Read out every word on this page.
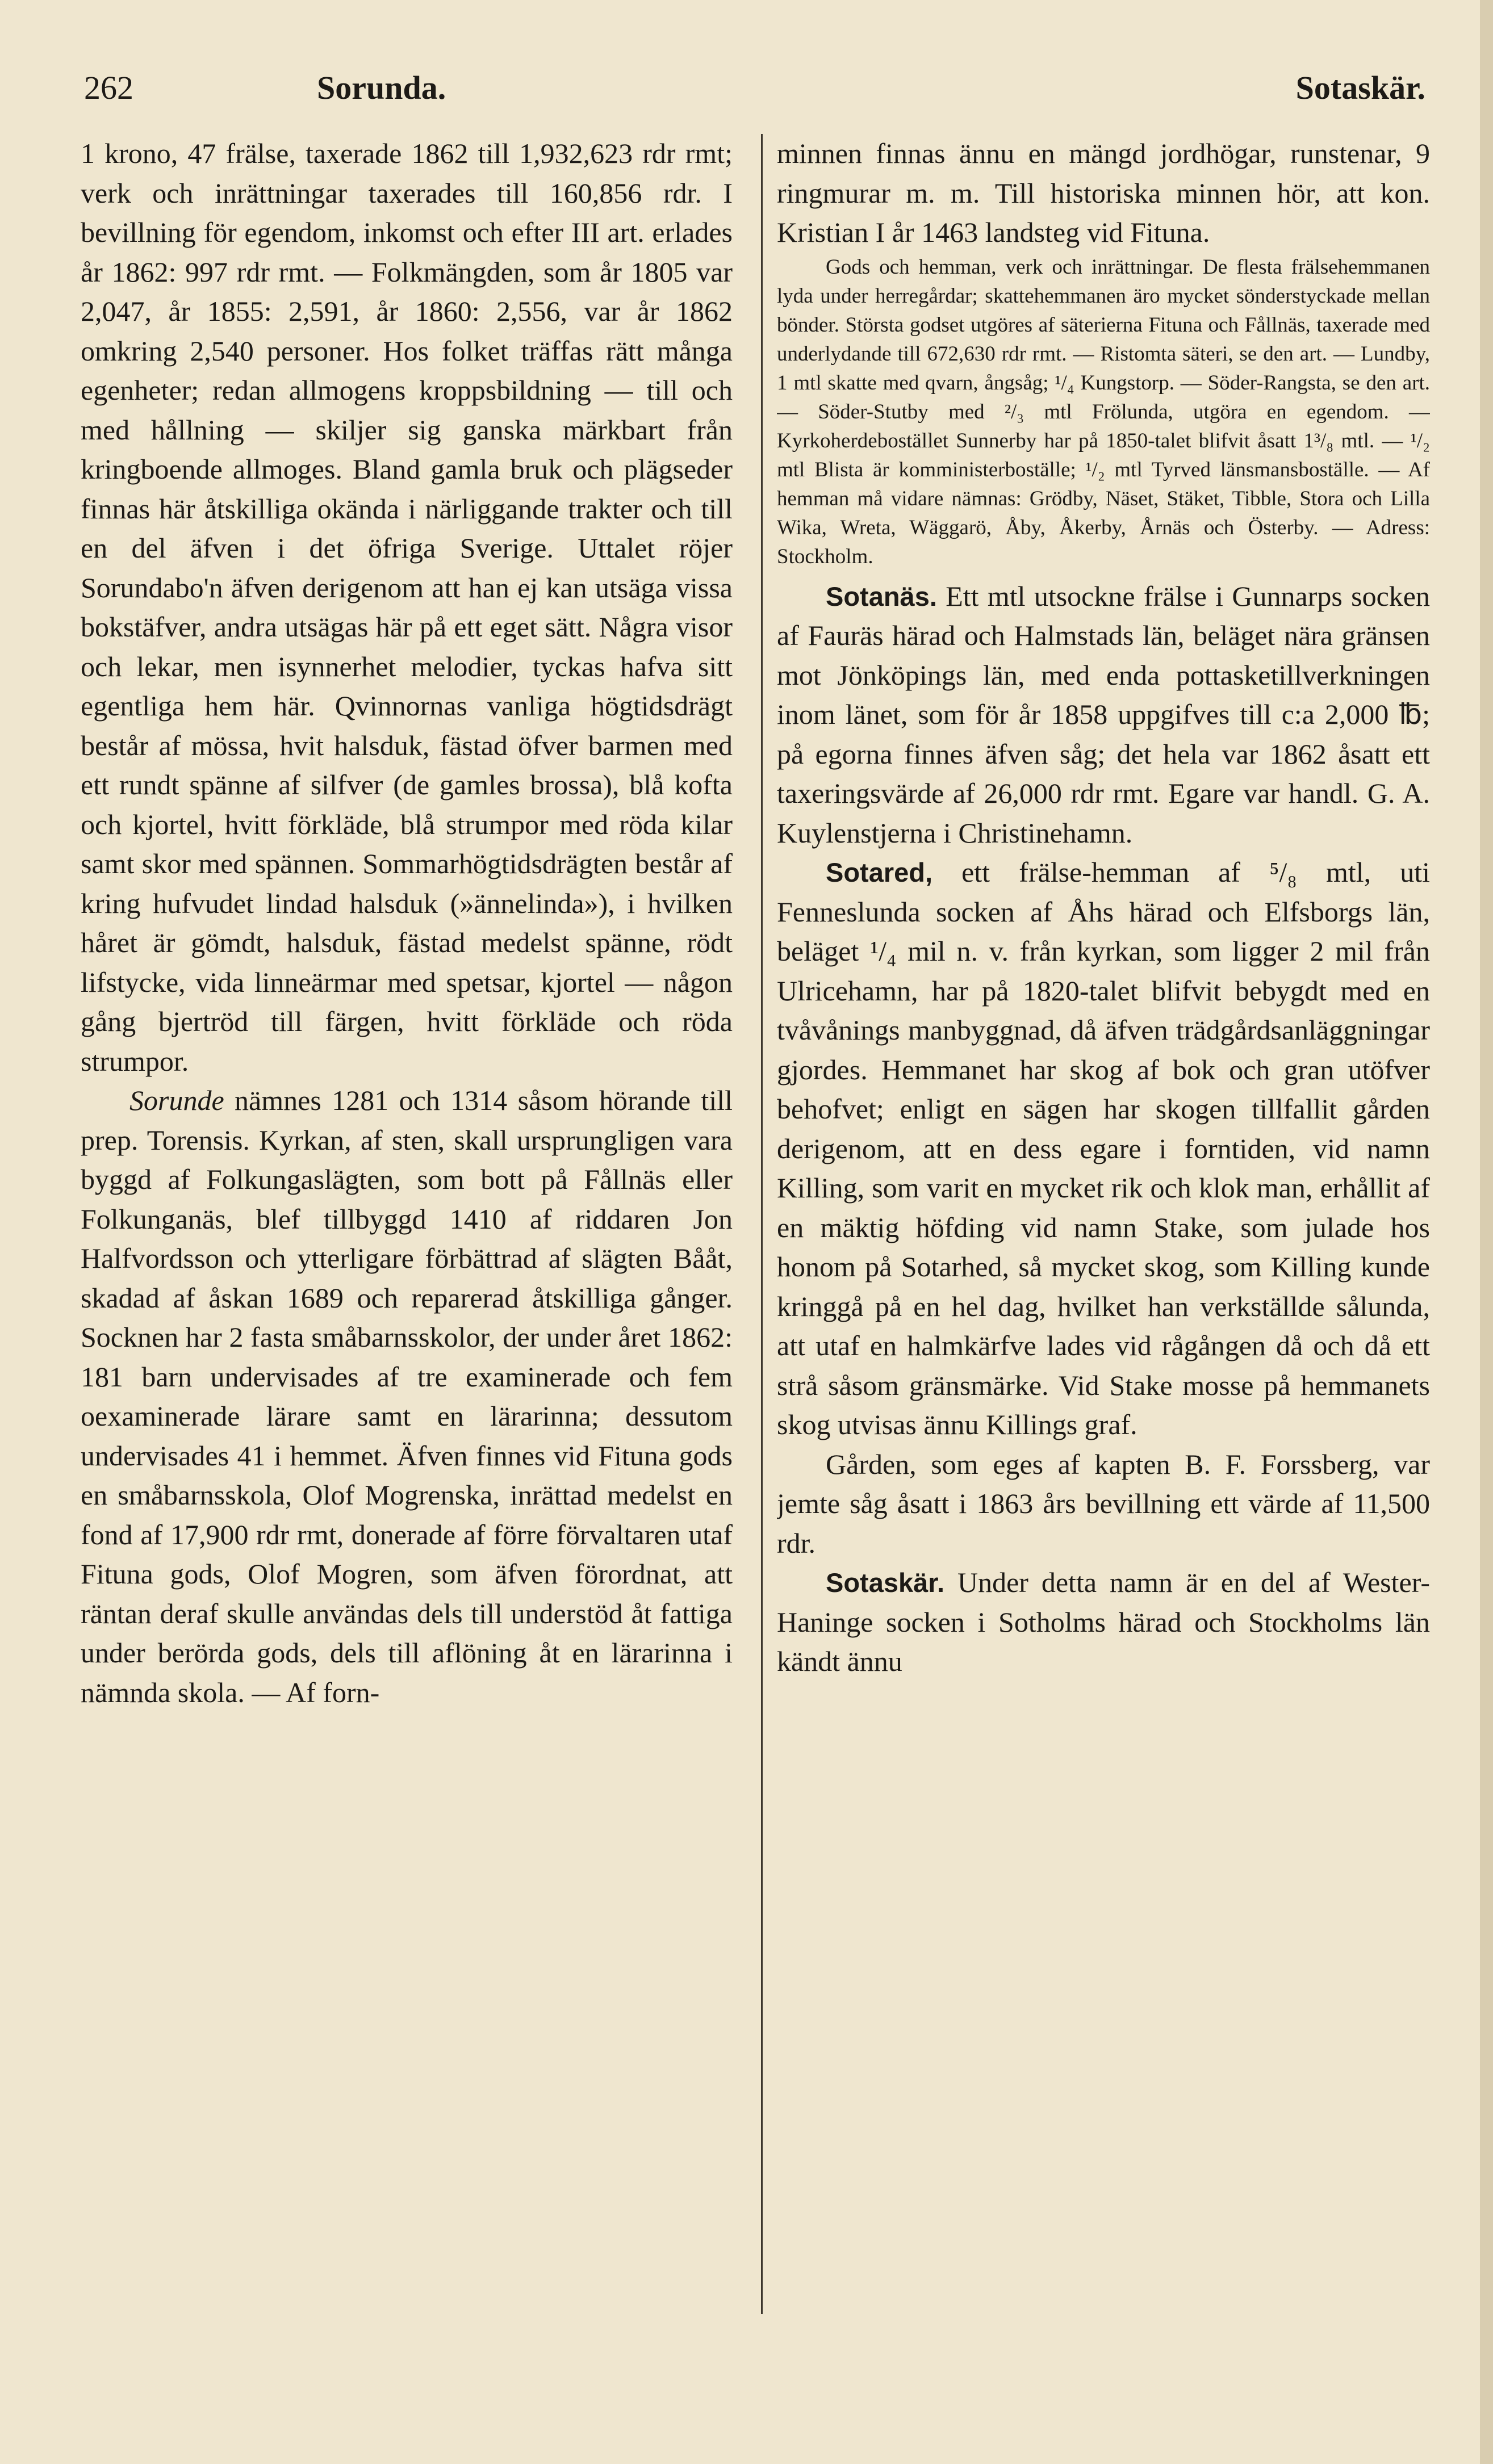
262	Sorunda.	Sotaskär.

1 krono, 47 frälse, taxerade 1862 till 1,932,623 rdr rmt; verk och inrättningar taxerades till 160,856 rdr. I bevillning för egendom, inkomst och efter III art. erlades år 1862: 997 rdr rmt. — Folkmängden, som år 1805 var 2,047, år 1855: 2,591, år 1860: 2,556, var år 1862 omkring 2,540 personer. Hos folket träffas rätt många egenheter; redan allmogens kroppsbildning — till och med hållning — skiljer sig ganska märkbart från kringboende allmoges. Bland gamla bruk och plägseder finnas här åtskilliga okända i närliggande trakter och till en del äfven i det öfriga Sverige. Uttalet röjer Sorundabo'n äfven derigenom att han ej kan utsäga vissa bokstäfver, andra utsägas här på ett eget sätt. Några visor och lekar, men isynnerhet melodier, tyckas hafva sitt egentliga hem här. Qvinnornas vanliga högtidsdrägt består af mössa, hvit halsduk, fästad öfver barmen med ett rundt spänne af silfver (de gamles brossa), blå kofta och kjortel, hvitt förkläde, blå strumpor med röda kilar samt skor med spännen. Sommarhögtidsdrägten består af kring hufvudet lindad halsduk (»ännelinda»), i hvilken håret är gömdt, halsduk, fästad medelst spänne, rödt lifstycke, vida linneärmar med spetsar, kjortel — någon gång bjertröd till färgen, hvitt förkläde och röda strumpor.

Sorunde nämnes 1281 och 1314 såsom hörande till prep. Torensis. Kyrkan, af sten, skall ursprungligen vara byggd af Folkungaslägten, som bott på Fållnäs eller Folkunganäs, blef tillbyggd 1410 af riddaren Jon Halfvordsson och ytterligare förbättrad af slägten Bååt, skadad af åskan 1689 och reparerad åtskilliga gånger. Socknen har 2 fasta småbarnsskolor, der under året 1862: 181 barn undervisades af tre examinerade och fem oexaminerade lärare samt en lärarinna; dessutom undervisades 41 i hemmet. Äfven finnes vid Fituna gods en småbarnsskola, Olof Mogrenska, inrättad medelst en fond af 17,900 rdr rmt, donerade af förre förvaltaren utaf Fituna gods, Olof Mogren, som äfven förordnat, att räntan deraf skulle användas dels till understöd åt fattiga under berörda gods, dels till aflöning åt en lärarinna i nämnda skola. — Af forn-

minnen finnas ännu en mängd jordhögar, runstenar, 9 ringmurar m. m. Till historiska minnen hör, att kon. Kristian I år 1463 landsteg vid Fituna.

Gods och hemman, verk och inrättningar. De flesta frälsehemmanen lyda under herregårdar; skattehemmanen äro mycket sönderstyckade mellan bönder. Största godset utgöres af säterierna Fituna och Fållnäs, taxerade med underlydande till 672,630 rdr rmt. — Ristomta säteri, se den art. — Lundby, 1 mtl skatte med qvarn, ångsåg; ¹/₄ Kungstorp. — Söder-Rangsta, se den art. — Söder-Stutby med ²/₃ mtl Frölunda, utgöra en egendom. — Kyrkoherdebostället Sunnerby har på 1850-talet blifvit åsatt 1³/₈ mtl. — ¹/₂ mtl Blista är komministerboställe; ¹/₂ mtl Tyrved länsmansboställe. — Af hemman må vidare nämnas: Grödby, Näset, Stäket, Tibble, Stora och Lilla Wika, Wreta, Wäggarö, Åby, Åkerby, Årnäs och Österby. — Adress: Stockholm.

Sotanäs. Ett mtl utsockne frälse i Gunnarps socken af Fauräs härad och Halmstads län, beläget nära gränsen mot Jönköpings län, med enda pottasketillverkningen inom länet, som för år 1858 uppgifves till c:a 2,000 ℔; på egorna finnes äfven såg; det hela var 1862 åsatt ett taxeringsvärde af 26,000 rdr rmt. Egare var handl. G. A. Kuylenstjerna i Christinehamn.

Sotared, ett frälse-hemman af ⁵/₈ mtl, uti Fenneslunda socken af Åhs härad och Elfsborgs län, beläget ¹/₄ mil n. v. från kyrkan, som ligger 2 mil från Ulricehamn, har på 1820-talet blifvit bebygdt med en tvåvånings manbyggnad, då äfven trädgårdsanläggningar gjordes. Hemmanet har skog af bok och gran utöfver behofvet; enligt en sägen har skogen tillfallit gården derigenom, att en dess egare i forntiden, vid namn Killing, som varit en mycket rik och klok man, erhållit af en mäktig höfding vid namn Stake, som julade hos honom på Sotarhed, så mycket skog, som Killing kunde kringgå på en hel dag, hvilket han verkställde sålunda, att utaf en halmkärfve lades vid rågången då och då ett strå såsom gränsmärke. Vid Stake mosse på hemmanets skog utvisas ännu Killings graf.

Gården, som eges af kapten B. F. Forssberg, var jemte såg åsatt i 1863 års bevillning ett värde af 11,500 rdr.

Sotaskär. Under detta namn är en del af Wester-Haninge socken i Sotholms härad och Stockholms län kändt ännu
